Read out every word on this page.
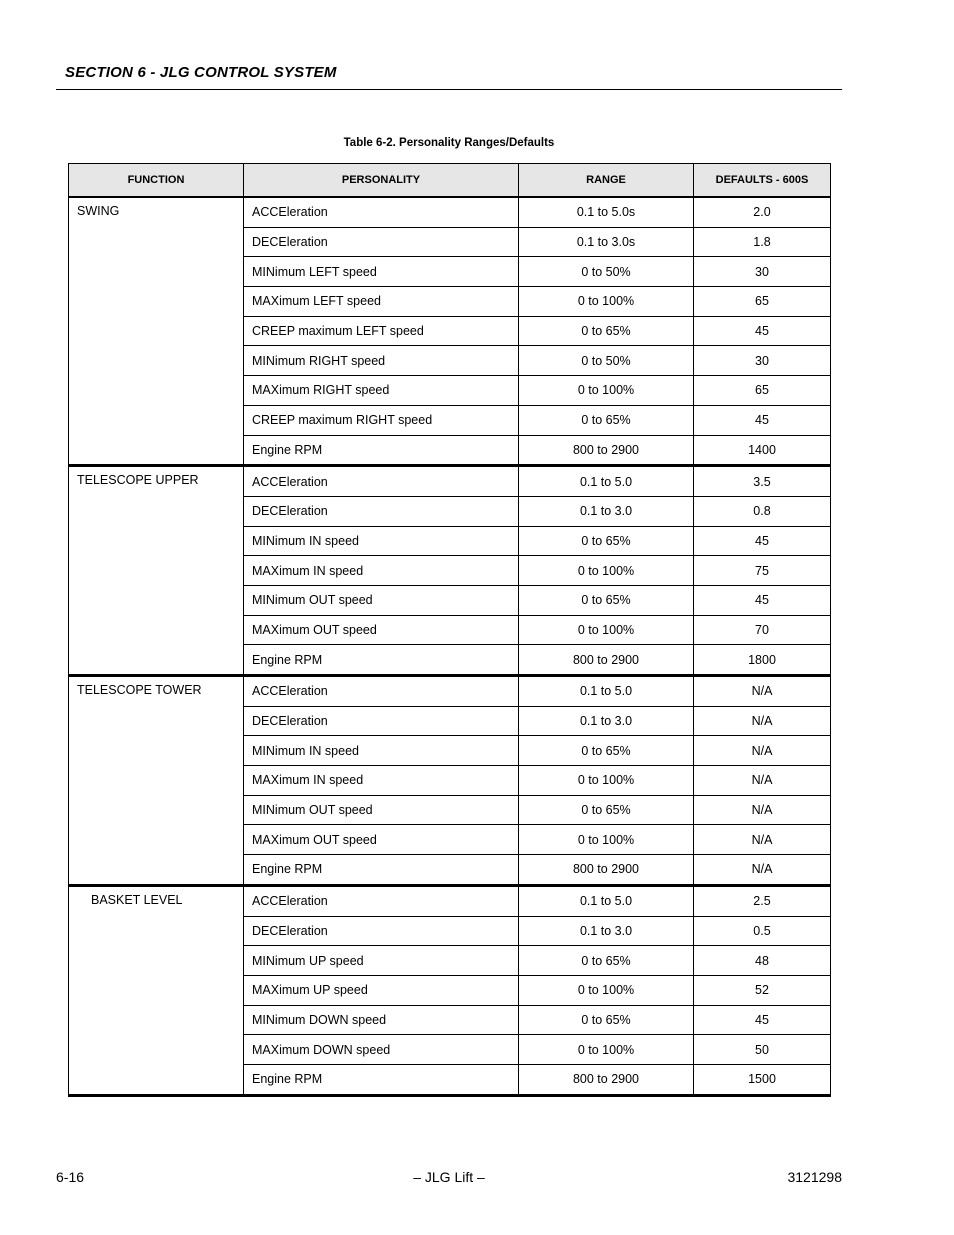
SECTION 6 - JLG CONTROL SYSTEM
Table 6-2. Personality Ranges/Defaults
FUNCTION	PERSONALITY	RANGE	DEFAULTS - 600S
SWING	ACCEleration	0.1 to 5.0s	2.0
	DECEleration	0.1 to 3.0s	1.8
	MINimum LEFT speed	0 to 50%	30
	MAXimum LEFT speed	0 to 100%	65
	CREEP maximum LEFT speed	0 to 65%	45
	MINimum RIGHT speed	0 to 50%	30
	MAXimum RIGHT speed	0 to 100%	65
	CREEP maximum RIGHT speed	0 to 65%	45
	Engine RPM	800 to 2900	1400
TELESCOPE UPPER	ACCEleration	0.1 to 5.0	3.5
	DECEleration	0.1 to 3.0	0.8
	MINimum IN speed	0 to 65%	45
	MAXimum IN speed	0 to 100%	75
	MINimum OUT speed	0 to 65%	45
	MAXimum OUT speed	0 to 100%	70
	Engine RPM	800 to 2900	1800
TELESCOPE TOWER	ACCEleration	0.1 to 5.0	N/A
	DECEleration	0.1 to 3.0	N/A
	MINimum IN speed	0 to 65%	N/A
	MAXimum IN speed	0 to 100%	N/A
	MINimum OUT speed	0 to 65%	N/A
	MAXimum OUT speed	0 to 100%	N/A
	Engine RPM	800 to 2900	N/A
BASKET LEVEL	ACCEleration	0.1 to 5.0	2.5
	DECEleration	0.1 to 3.0	0.5
	MINimum UP speed	0 to 65%	48
	MAXimum UP speed	0 to 100%	52
	MINimum DOWN speed	0 to 65%	45
	MAXimum DOWN speed	0 to 100%	50
	Engine RPM	800 to 2900	1500
6-16	– JLG Lift –	3121298
